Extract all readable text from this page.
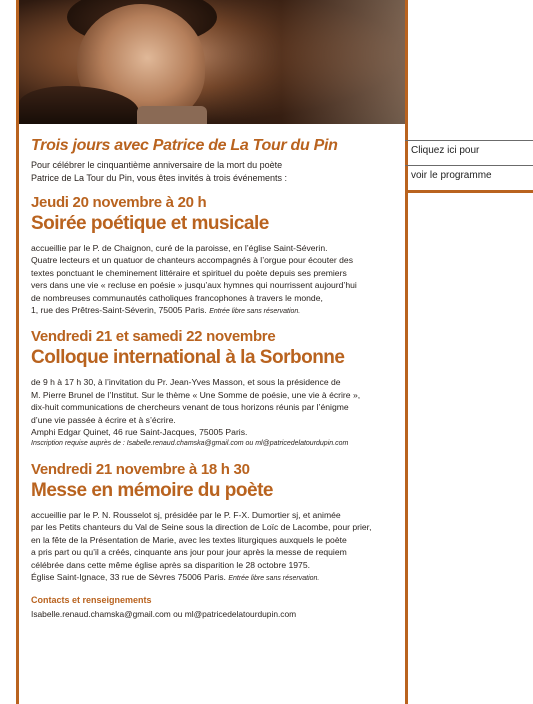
Trois jours avec Patrice de La Tour du Pin
Pour célébrer le cinquantième anniversaire de la mort du poète
Patrice de La Tour du Pin, vous êtes invités à trois événements :
Jeudi 20 novembre à 20 h
Soirée poétique et musicale
accueillie par le P. de Chaignon, curé de la paroisse, en l’église Saint-Séverin.
Quatre lecteurs et un quatuor de chanteurs accompagnés à l’orgue pour écouter des
textes ponctuant le cheminement littéraire et spirituel du poète depuis ses premiers
vers dans une vie « recluse en poésie » jusqu’aux hymnes qui nourrissent aujourd’hui
de nombreuses communautés catholiques francophones à travers le monde,
1, rue des Prêtres-Saint-Séverin, 75005 Paris. Entrée libre sans réservation.
Vendredi 21 et samedi 22 novembre
Colloque international à la Sorbonne
de 9 h à 17 h 30, à l’invitation du Pr. Jean-Yves Masson, et sous la présidence de
M. Pierre Brunel de l’Institut. Sur le thème « Une Somme de poésie, une vie à écrire »,
dix-huit communications de chercheurs venant de tous horizons réunis par l’énigme
d’une vie passée à écrire et à s’écrire.
Amphi Edgar Quinet, 46 rue Saint-Jacques, 75005 Paris.
Inscription requise auprès de : Isabelle.renaud.chamska@gmail.com ou ml@patricedelatourdupin.com
Vendredi 21 novembre à 18 h 30
Messe en mémoire du poète
accueillie par le P. N. Rousselot sj, présidée par le P. F-X. Dumortier sj, et animée
par les Petits chanteurs du Val de Seine sous la direction de Loïc de Lacombe, pour prier,
en la fête de la Présentation de Marie, avec les textes liturgiques auxquels le poète
a pris part ou qu’il a créés, cinquante ans jour pour jour après la messe de requiem
célébrée dans cette même église après sa disparition le 28 octobre 1975.
Église Saint-Ignace, 33 rue de Sèvres 75006 Paris. Entrée libre sans réservation.
Contacts et renseignements
Isabelle.renaud.chamska@gmail.com ou ml@patricedelatourdupin.com
Cliquez ici pour
voir le programme
